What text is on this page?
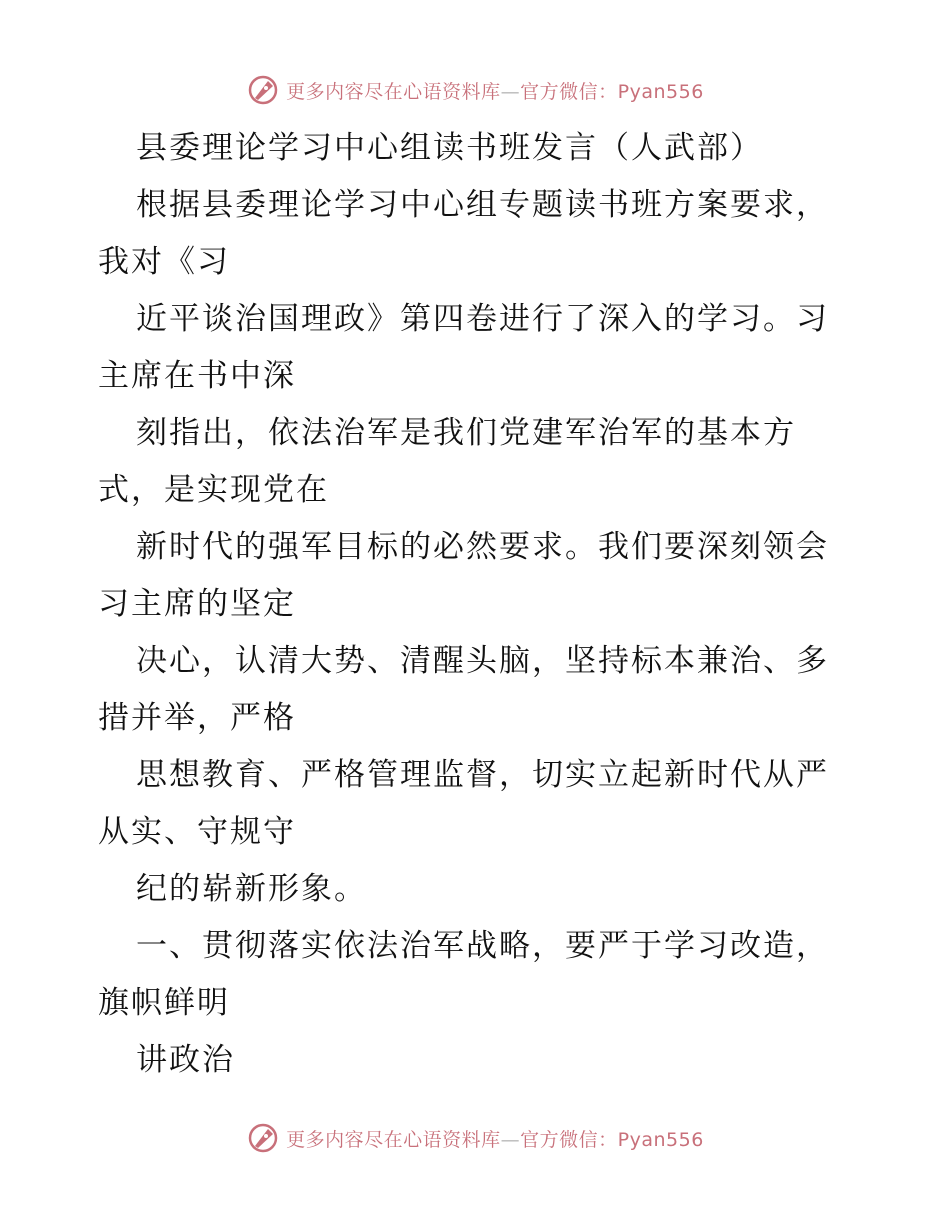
更多内容尽在心语资料库—官方微信：Pyan556
县委理论学习中心组读书班发言（人武部）
根据县委理论学习中心组专题读书班方案要求，
我对《习
近平谈治国理政》第四卷进行了深入的学习。习
主席在书中深
刻指出，依法治军是我们党建军治军的基本方
式，是实现党在
新时代的强军目标的必然要求。我们要深刻领会
习主席的坚定
决心，认清大势、清醒头脑，坚持标本兼治、多
措并举，严格
思想教育、严格管理监督，切实立起新时代从严
从实、守规守
纪的崭新形象。
一、贯彻落实依法治军战略，要严于学习改造，
旗帜鲜明
讲政治
更多内容尽在心语资料库—官方微信：Pyan556
